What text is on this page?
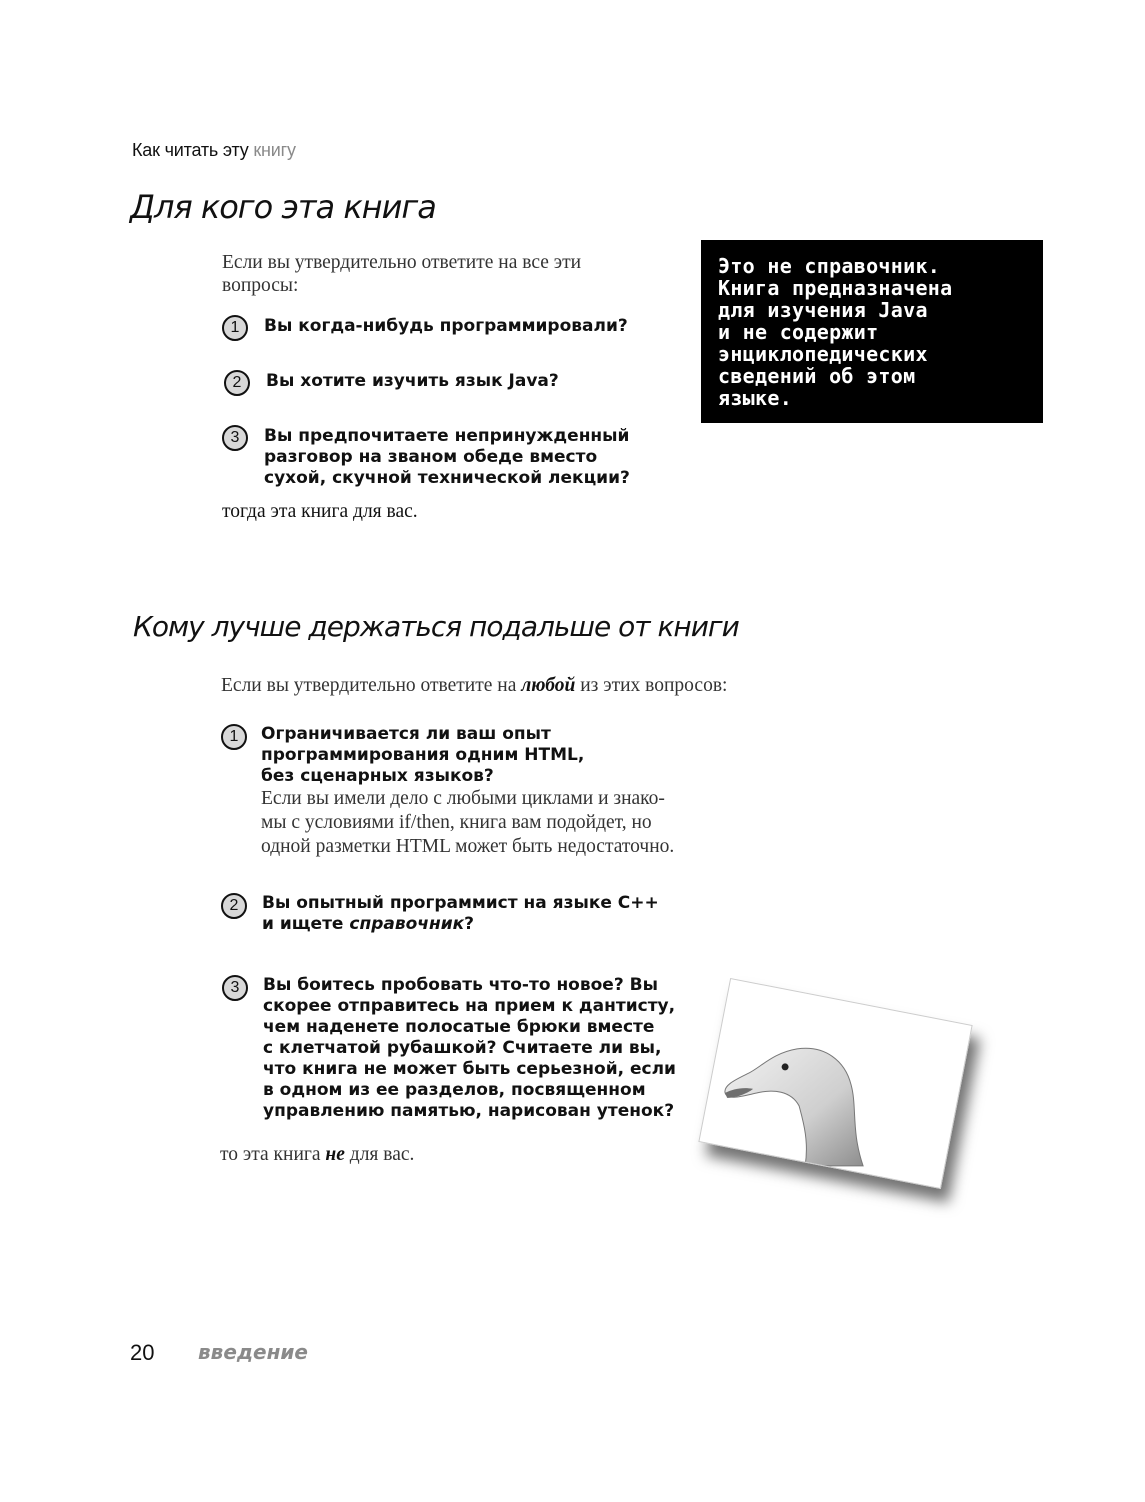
Как читать эту книгу
Для кого эта книга
Если вы утвердительно ответите на все эти вопросы:
1	Вы когда-нибудь программировали?
2	Вы хотите изучить язык Java?
3	Вы предпочитаете непринужденный
разговор на званом обеде вместо
сухой, скучной технической лекции?
тогда эта книга для вас.

Это не справочник.

Книга предназначена

для изучения Java

и не содержит

энциклопедических

сведений об этом

языке.

Кому лучше держаться подальше от книги
Если вы утвердительно ответите на любой из этих вопросов:
1	Ограничивается ли ваш опыт
программирования одним HTML,
без сценарных языков?
Если вы имели дело с любыми циклами и знако-
мы с условиями if/then, книга вам подойдет, но
одной разметки HTML может быть недостаточно.
2	Вы опытный программист на языке C++
и ищете справочник?
3	Вы боитесь пробовать что-то новое? Вы
скорее отправитесь на прием к дантисту,
чем наденете полосатые брюки вместе
с клетчатой рубашкой? Считаете ли вы,
что книга не может быть серьезной, если
в одном из ее разделов, посвященном
управлению памятью, нарисован утенок?
то эта книга не для вас.
20 введение
